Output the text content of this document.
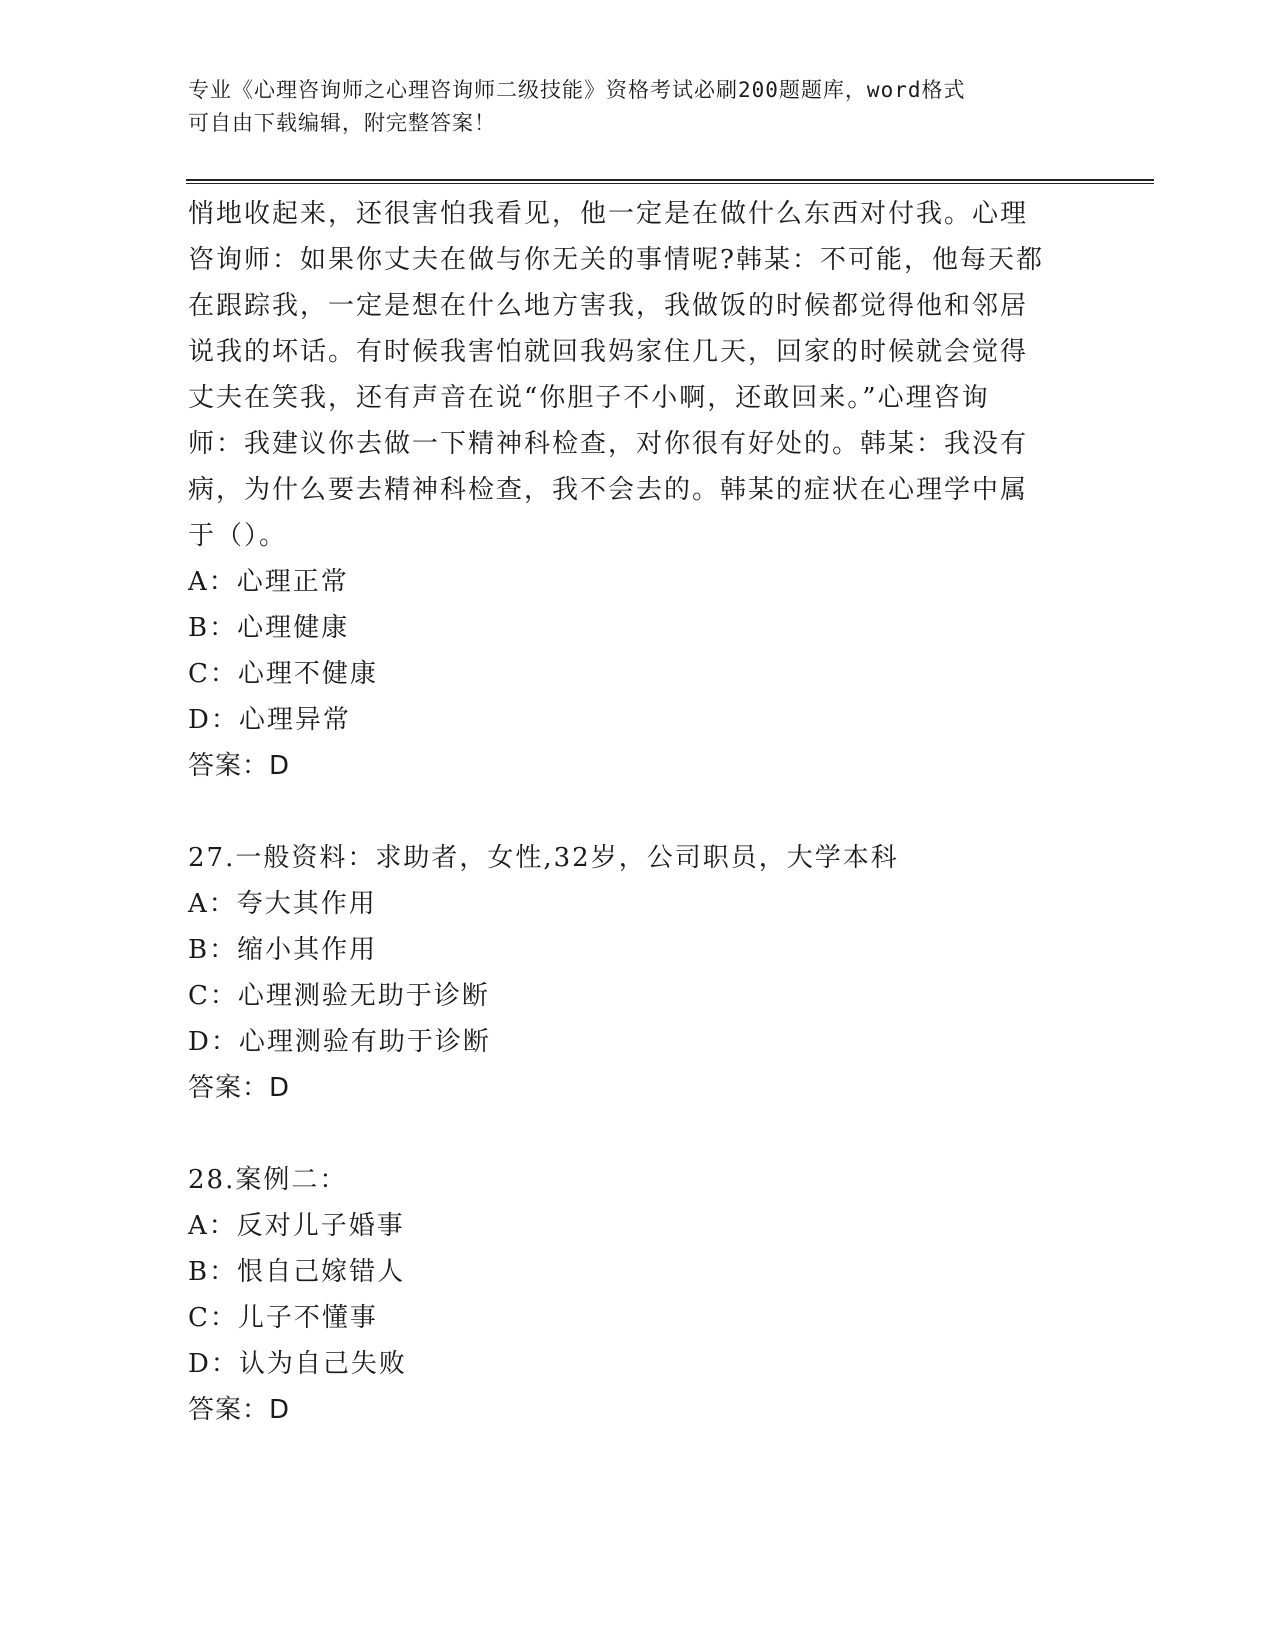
专业《心理咨询师之心理咨询师二级技能》资格考试必刷200题题库，word格式
可自由下载编辑，附完整答案！
悄地收起来，还很害怕我看见，他一定是在做什么东西对付我。心理
咨询师：如果你丈夫在做与你无关的事情呢?韩某：不可能，他每天都
在跟踪我，一定是想在什么地方害我，我做饭的时候都觉得他和邻居
说我的坏话。有时候我害怕就回我妈家住几天，回家的时候就会觉得
丈夫在笑我，还有声音在说“你胆子不小啊，还敢回来。”心理咨询
师：我建议你去做一下精神科检查，对你很有好处的。韩某：我没有
病，为什么要去精神科检查，我不会去的。韩某的症状在心理学中属
于（）。
A：心理正常
B：心理健康
C：心理不健康
D：心理异常
答案：D
27.一般资料：求助者，女性,32岁，公司职员，大学本科
A：夸大其作用
B：缩小其作用
C：心理测验无助于诊断
D：心理测验有助于诊断
答案：D
28.案例二：
A：反对儿子婚事
B：恨自己嫁错人
C：儿子不懂事
D：认为自己失败
答案：D
